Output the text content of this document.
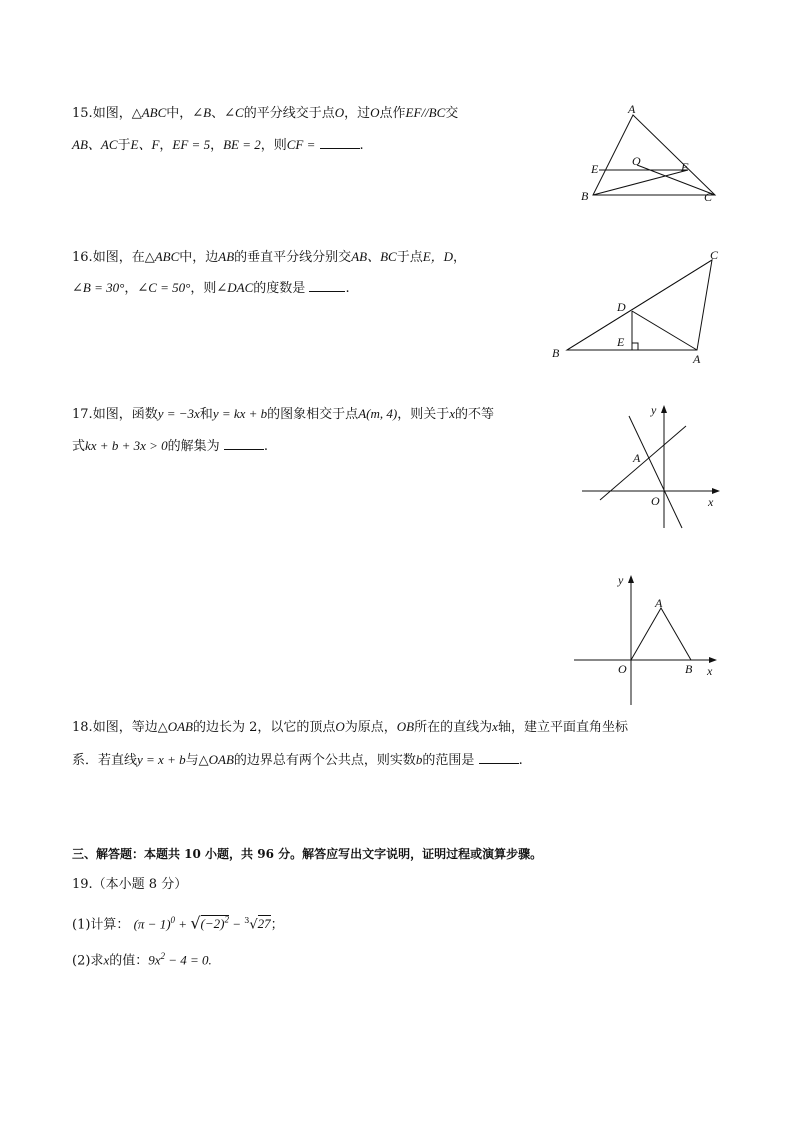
15.如图，△ABC中，∠B、∠C的平分线交于点O，过O点作EF//BC交
AB、AC于E、F，EF = 5，BE = 2，则CF =	.
A
E
O	F
B	C
16.如图，在△ABC中，边AB的垂直平分线分别交AB、BC于点E，D，
∠B = 30°，∠C = 50°，则∠DAC的度数是	.
C
D
E
B	A
17.如图，函数y = −3x和y = kx + b的图象相交于点A(m, 4)，则关于x的不等
式kx + b + 3x > 0的解集为	.
y
A
O	x
y
A
O	B x
18.如图，等边△OAB的边长为 2，以它的顶点O为原点，OB所在的直线为x轴，建立平面直角坐标
系．若直线y = x + b与△OAB的边界总有两个公共点，则实数b的范围是	.
三、解答题：本题共 10 小题，共 96 分。解答应写出文字说明，证明过程或演算步骤。
19.（本小题 8 分）
(1)计算： $(\pi - 1)^0 + √(-2)^2 - ^3√27$；
(2)求x的值：$9x^2 - 4 = 0$.
